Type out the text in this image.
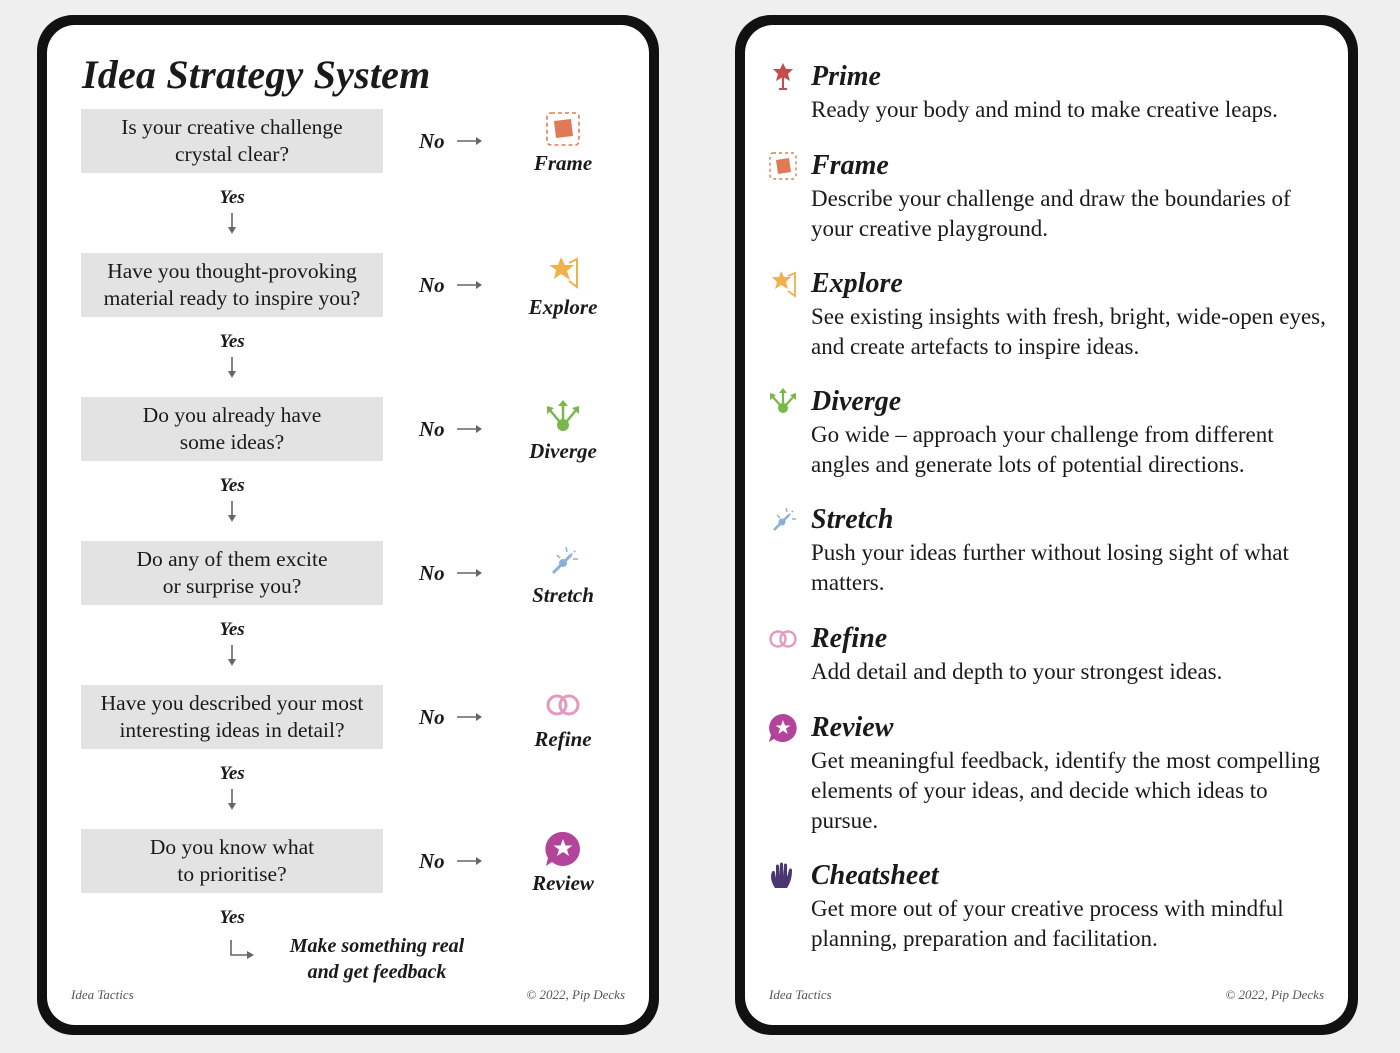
Idea Strategy System
Is your creative challenge
crystal clear?
No
Frame
Yes
Have you thought-provoking
material ready to inspire you?
No
Explore
Yes
Do you already have
some ideas?
No
Diverge
Yes
Do any of them excite
or surprise you?
No
Stretch
Yes
Have you described your most
interesting ideas in detail?
No
Refine
Yes
Do you know what
to prioritise?
No
Review
Yes
Make something real
and get feedback
Idea Tactics	© 2022, Pip Decks
Prime
Ready your body and mind to make creative leaps.
Frame
Describe your challenge and draw the boundaries of your creative playground.
Explore
See existing insights with fresh, bright, wide-open eyes, and create artefacts to inspire ideas.
Diverge
Go wide – approach your challenge from different angles and generate lots of potential directions.
Stretch
Push your ideas further without losing sight of what matters.
Refine
Add detail and depth to your strongest ideas.
Review
Get meaningful feedback, identify the most compelling elements of your ideas, and decide which ideas to pursue.
Cheatsheet
Get more out of your creative process with mindful planning, preparation and facilitation.
Idea Tactics	© 2022, Pip Decks
